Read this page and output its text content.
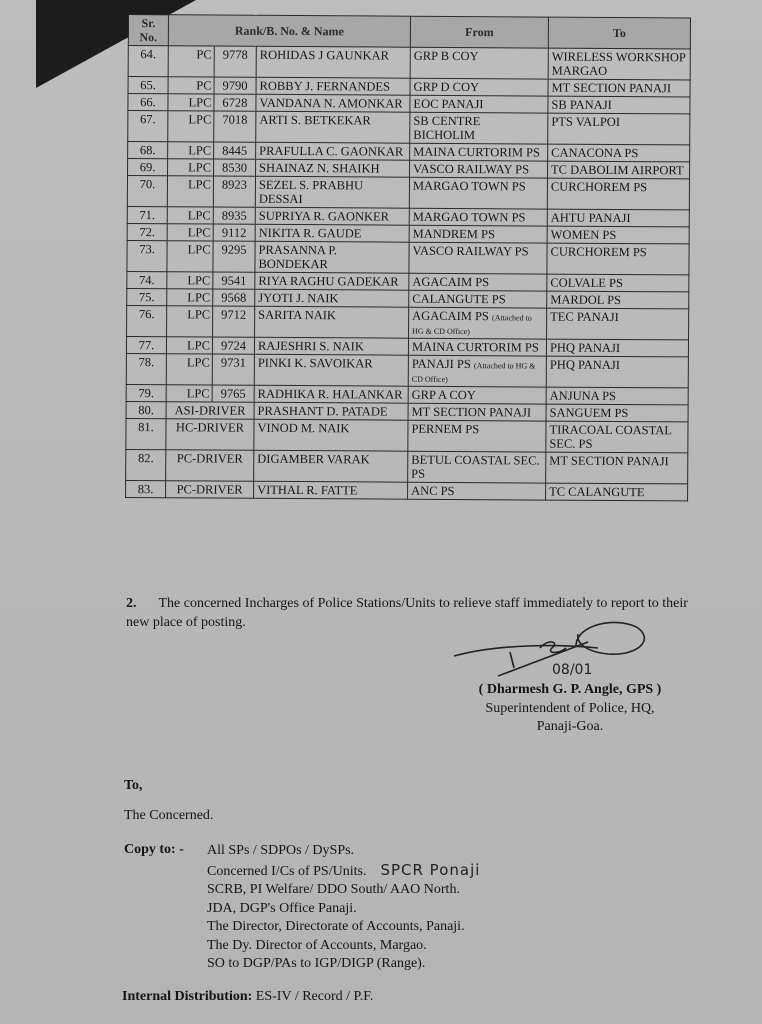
Sr. No.	Rank/B. No. & Name			From	To
64.	PC	9778	ROHIDAS J GAUNKAR	GRP B COY	WIRELESS WORKSHOP MARGAO
65.	PC	9790	ROBBY J. FERNANDES	GRP D COY	MT SECTION PANAJI
66.	LPC	6728	VANDANA N. AMONKAR	EOC PANAJI	SB PANAJI
67.	LPC	7018	ARTI S. BETKEKAR	SB CENTRE BICHOLIM	PTS VALPOI
68.	LPC	8445	PRAFULLA C. GAONKAR	MAINA CURTORIM PS	CANACONA PS
69.	LPC	8530	SHAINAZ N. SHAIKH	VASCO RAILWAY PS	TC DABOLIM AIRPORT
70.	LPC	8923	SEZEL S. PRABHU DESSAI	MARGAO TOWN PS	CURCHOREM PS
71.	LPC	8935	SUPRIYA R. GAONKER	MARGAO TOWN PS	AHTU PANAJI
72.	LPC	9112	NIKITA R. GAUDE	MANDREM PS	WOMEN PS
73.	LPC	9295	PRASANNA P. BONDEKAR	VASCO RAILWAY PS	CURCHOREM PS
74.	LPC	9541	RIYA RAGHU GADEKAR	AGACAIM PS	COLVALE PS
75.	LPC	9568	JYOTI J. NAIK	CALANGUTE PS	MARDOL PS
76.	LPC	9712	SARITA NAIK	AGACAIM PS (Attached to HG & CD Office)	TEC PANAJI
77.	LPC	9724	RAJESHRI S. NAIK	MAINA CURTORIM PS	PHQ PANAJI
78.	LPC	9731	PINKI K. SAVOIKAR	PANAJI PS (Attached to HG & CD Office)	PHQ PANAJI
79.	LPC	9765	RADHIKA R. HALANKAR	GRP A COY	ANJUNA PS
80.	ASI-DRIVER		PRASHANT D. PATADE	MT SECTION PANAJI	SANGUEM PS
81.	HC-DRIVER		VINOD M. NAIK	PERNEM PS	TIRACOAL COASTAL SEC. PS
82.	PC-DRIVER		DIGAMBER VARAK	BETUL COASTAL SEC. PS	MT SECTION PANAJI
83.	PC-DRIVER		VITHAL R. FATTE	ANC PS	TC CALANGUTE
2. The concerned Incharges of Police Stations/Units to relieve staff immediately to report to their new place of posting.
08/01
( Dharmesh G. P. Angle, GPS )
Superintendent of Police, HQ,
Panaji-Goa.
To,
The Concerned.
Copy to: - All SPs / SDPOs / DySPs.
Concerned I/Cs of PS/Units. SPCR Ponaji
SCRB, PI Welfare/ DDO South/ AAO North.
JDA, DGP's Office Panaji.
The Director, Directorate of Accounts, Panaji.
The Dy. Director of Accounts, Margao.
SO to DGP/PAs to IGP/DIGP (Range).
Internal Distribution: ES-IV / Record / P.F.
